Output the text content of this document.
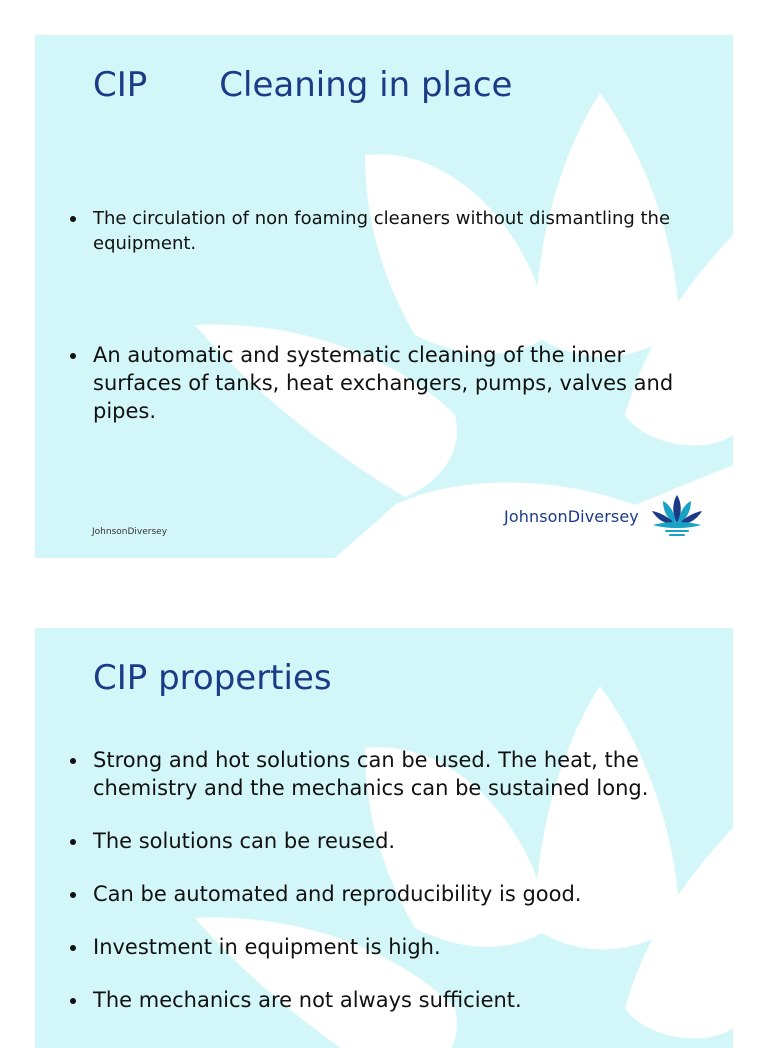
CIP Cleaning in place
The circulation of non foaming cleaners without dismantling the equipment.
An automatic and systematic cleaning of the inner surfaces of tanks, heat exchangers, pumps, valves and pipes.
JohnsonDiversey
JohnsonDiversey
CIP properties
Strong and hot solutions can be used. The heat, the chemistry and the mechanics can be sustained long.
The solutions can be reused.
Can be automated and reproducibility is good.
Investment in equipment is high.
The mechanics are not always sufficient.
